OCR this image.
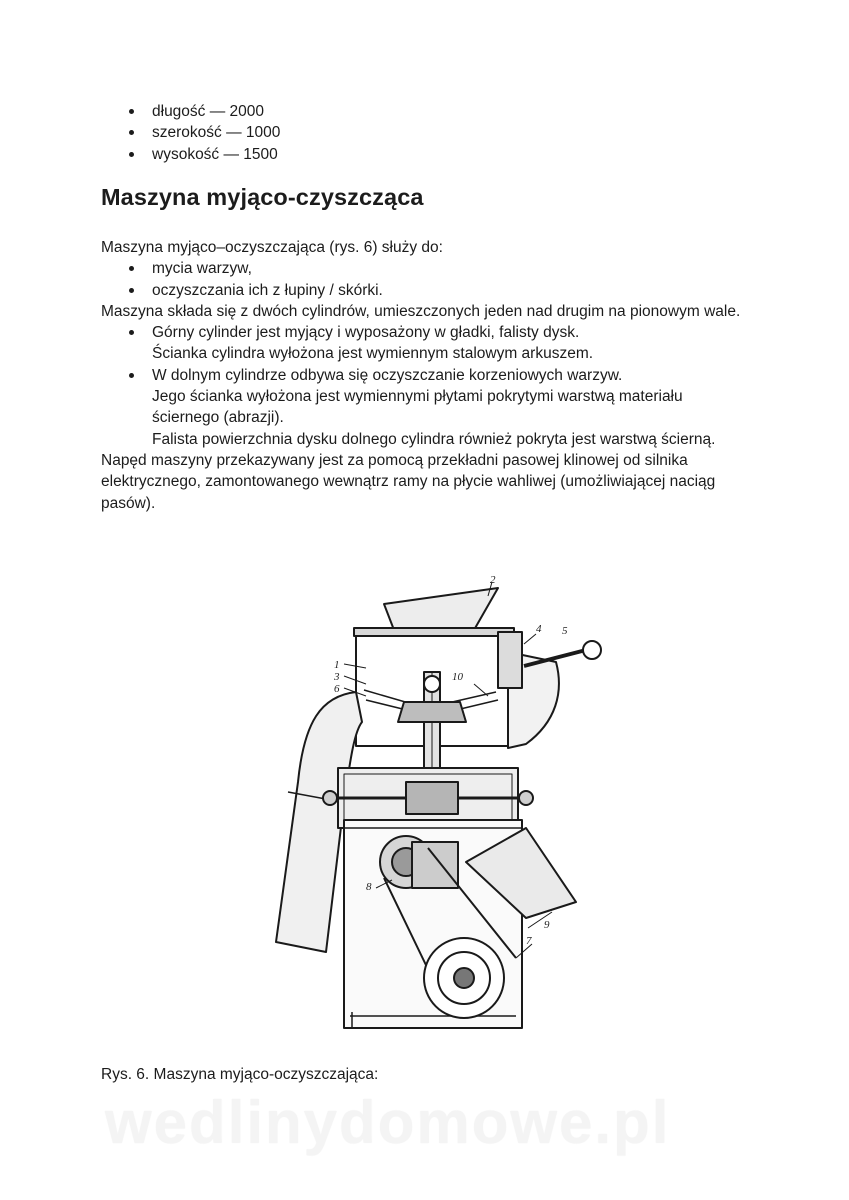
długość — 2000
szerokość — 1000
wysokość — 1500
Maszyna myjąco-czyszcząca

Maszyna myjąco–oczyszczająca (rys. 6) służy do:

mycia warzyw,
oczyszczania ich z łupiny / skórki.

Maszyna składa się z dwóch cylindrów, umieszczonych jeden nad drugim na pionowym wale.

Górny cylinder jest myjący i wyposażony w gładki, falisty dysk.
Ścianka cylindra wyłożona jest wymiennym stalowym arkuszem.
W dolnym cylindrze odbywa się oczyszczanie korzeniowych warzyw.
Jego ścianka wyłożona jest wymiennymi płytami pokrytymi warstwą materiału ściernego (abrazji).
Falista powierzchnia dysku dolnego cylindra również pokryta jest warstwą ścierną.

Napęd maszyny przekazywany jest za pomocą przekładni pasowej klinowej od silnika elektrycznego, zamontowanego wewnątrz ramy na płycie wahliwej (umożliwiającej naciąg pasów).

2
1
3
6
4 5
10
8
9
7
Rys. 6. Maszyna myjąco-oczyszczająca:
wedlinydomowe.pl
